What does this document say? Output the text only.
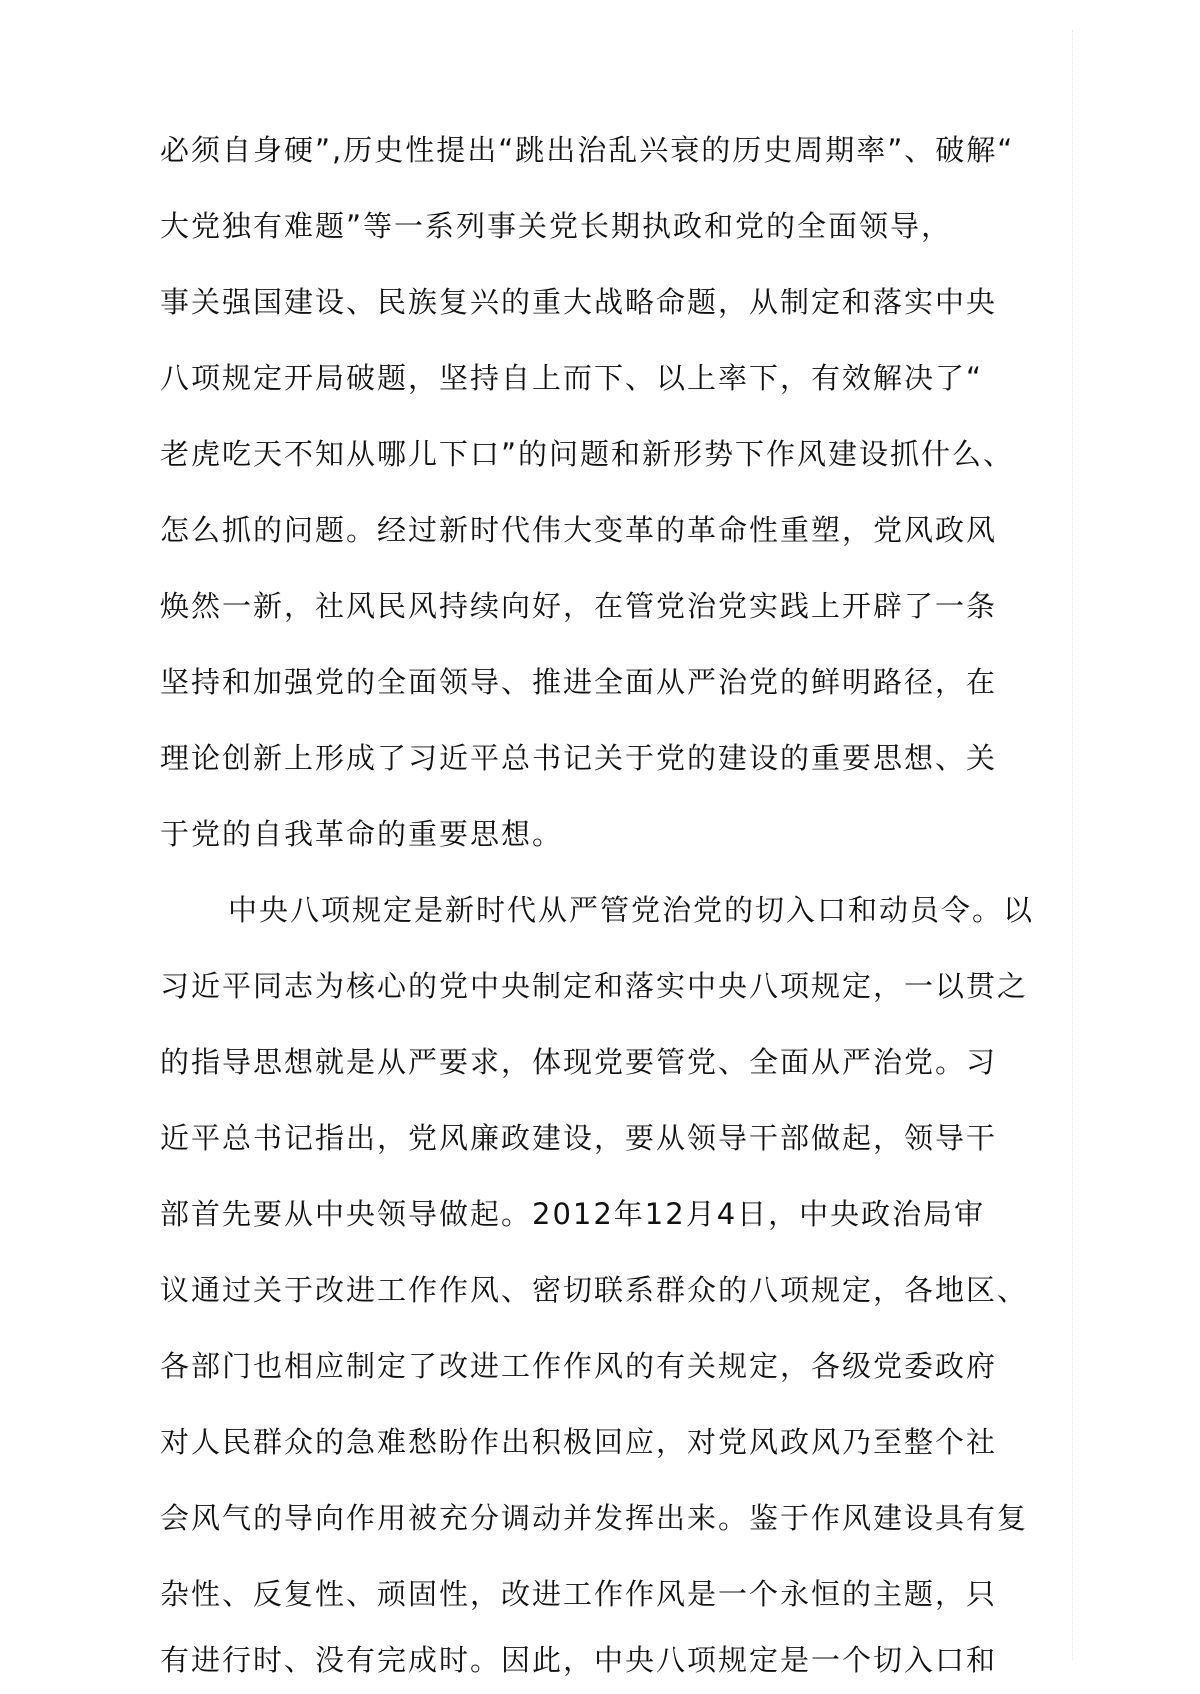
必须自身硬”,历史性提出“跳出治乱兴衰的历史周期率”、破解“
大党独有难题”等一系列事关党长期执政和党的全面领导，
事关强国建设、民族复兴的重大战略命题，从制定和落实中央
八项规定开局破题，坚持自上而下、以上率下，有效解决了“
老虎吃天不知从哪儿下口”的问题和新形势下作风建设抓什么、
怎么抓的问题。经过新时代伟大变革的革命性重塑，党风政风
焕然一新，社风民风持续向好，在管党治党实践上开辟了一条
坚持和加强党的全面领导、推进全面从严治党的鲜明路径，在
理论创新上形成了习近平总书记关于党的建设的重要思想、关
于党的自我革命的重要思想。
中央八项规定是新时代从严管党治党的切入口和动员令。以
习近平同志为核心的党中央制定和落实中央八项规定，一以贯之
的指导思想就是从严要求，体现党要管党、全面从严治党。习
近平总书记指出，党风廉政建设，要从领导干部做起，领导干
部首先要从中央领导做起。2012年12月4日，中央政治局审
议通过关于改进工作作风、密切联系群众的八项规定，各地区、
各部门也相应制定了改进工作作风的有关规定，各级党委政府
对人民群众的急难愁盼作出积极回应，对党风政风乃至整个社
会风气的导向作用被充分调动并发挥出来。鉴于作风建设具有复
杂性、反复性、顽固性，改进工作作风是一个永恒的主题，只
有进行时、没有完成时。因此，中央八项规定是一个切入口和
